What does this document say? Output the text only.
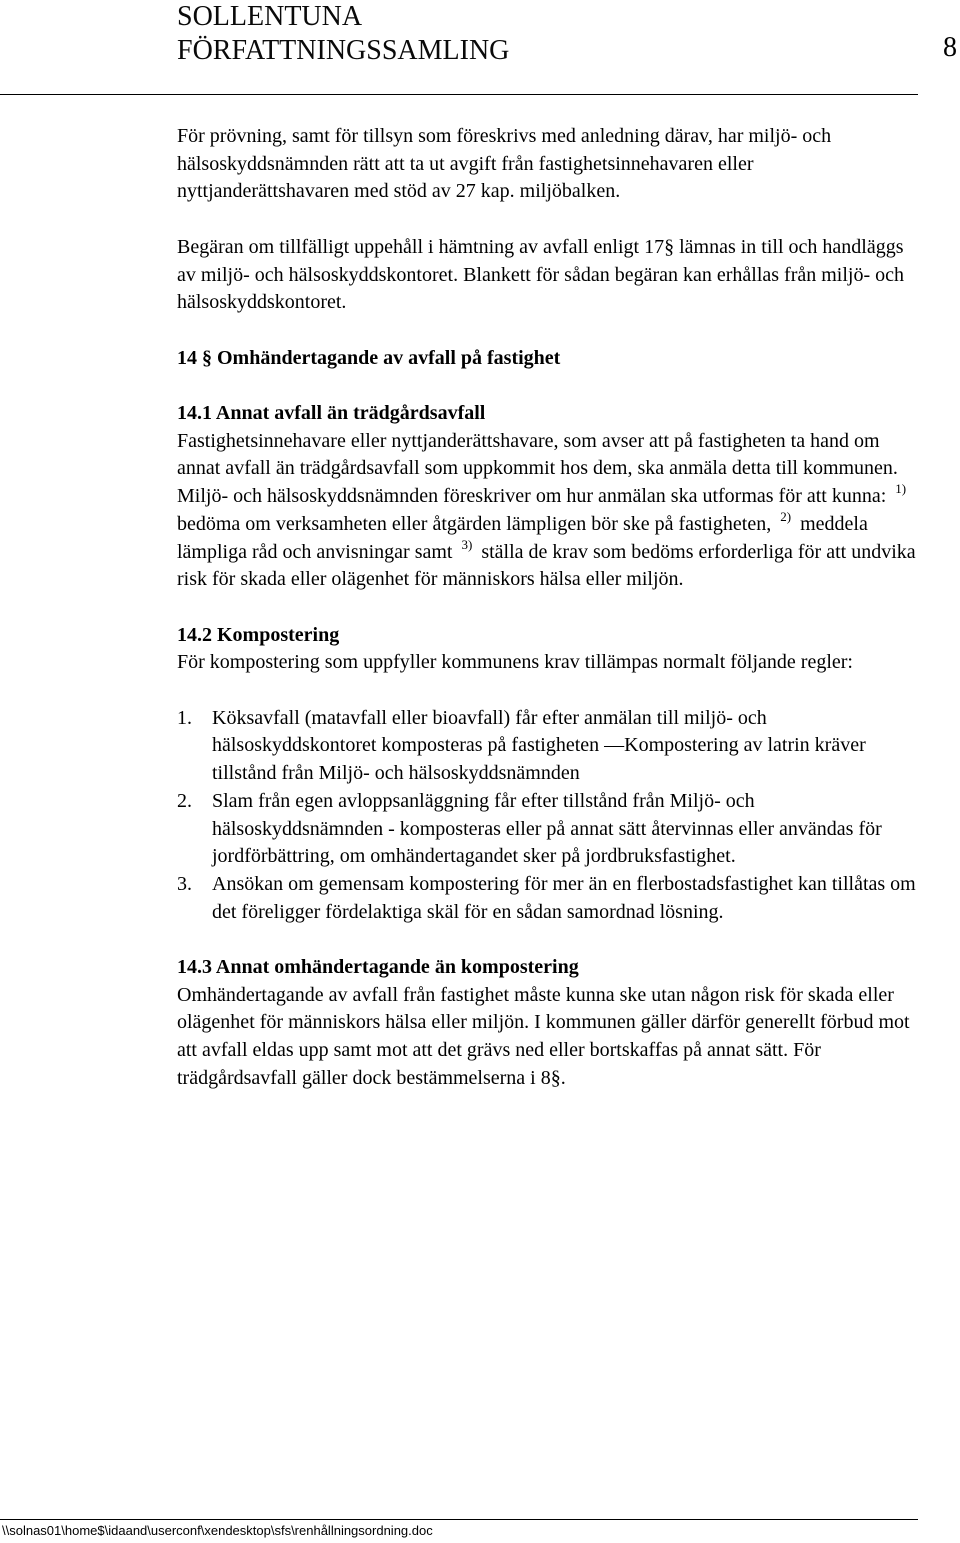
SOLLENTUNA
FÖRFATTNINGSSAMLING	8

För prövning, samt för tillsyn som föreskrivs med anledning därav, har miljö- och hälsoskyddsnämnden rätt att ta ut avgift från fastighetsinnehavaren eller nyttjanderättshavaren med stöd av 27 kap. miljöbalken.

Begäran om tillfälligt uppehåll i hämtning av avfall enligt 17§ lämnas in till och handläggs av miljö- och hälsoskyddskontoret. Blankett för sådan begäran kan erhållas från miljö- och hälsoskyddskontoret.

14 § Omhändertagande av avfall på fastighet

14.1 Annat avfall än trädgårdsavfall

Fastighetsinnehavare eller nyttjanderättshavare, som avser att på fastigheten ta hand om annat avfall än trädgårdsavfall som uppkommit hos dem, ska anmäla detta till kommunen.

Miljö- och hälsoskyddsnämnden föreskriver om hur anmälan ska utformas för att kunna: $^{1)}$ bedöma om verksamheten eller åtgärden lämpligen bör ske på fastigheten, $^{2)}$ meddela lämpliga råd och anvisningar samt $^{3)}$ ställa de krav som bedöms erforderliga för att undvika risk för skada eller olägenhet för människors hälsa eller miljön.

14.2 Kompostering

För kompostering som uppfyller kommunens krav tillämpas normalt följande regler:

1. Köksavfall (matavfall eller bioavfall) får efter anmälan till miljö- och hälsoskyddskontoret komposteras på fastigheten —Kompostering av latrin kräver tillstånd från Miljö- och hälsoskyddsnämnden
2. Slam från egen avloppsanläggning får efter tillstånd från Miljö- och hälsoskyddsnämnden - komposteras eller på annat sätt återvinnas eller användas för jordförbättring, om omhändertagandet sker på jordbruksfastighet.
3. Ansökan om gemensam kompostering för mer än en flerbostadsfastighet kan tillåtas om det föreligger fördelaktiga skäl för en sådan samordnad lösning.

14.3 Annat omhändertagande än kompostering

Omhändertagande av avfall från fastighet måste kunna ske utan någon risk för skada eller olägenhet för människors hälsa eller miljön. I kommunen gäller därför generellt förbud mot att avfall eldas upp samt mot att det grävs ned eller bortskaffas på annat sätt. För trädgårdsavfall gäller dock bestämmelserna i 8§.

\\solnas01\home$\idaand\userconf\xendesktop\sfs\renhållningsordning.doc
